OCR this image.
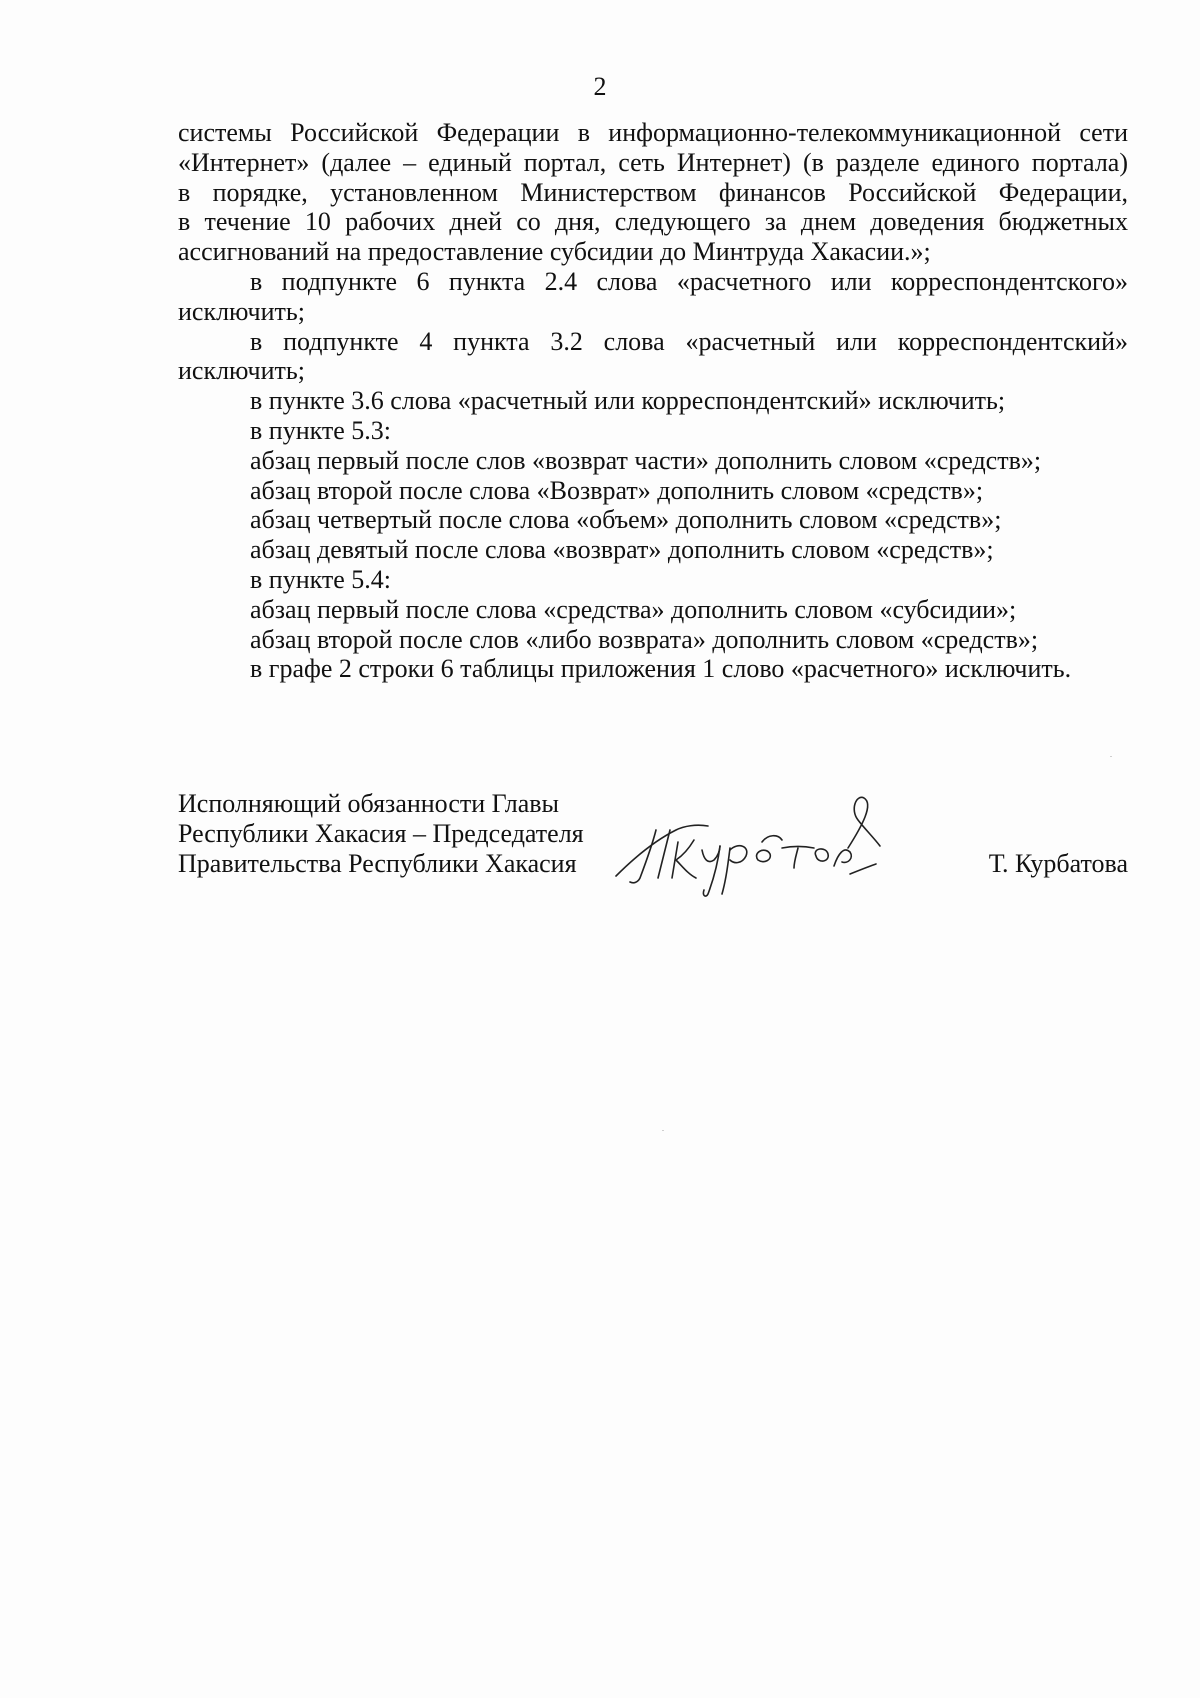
2
системы Российской Федерации в информационно-телекоммуникационной сети
«Интернет» (далее – единый портал, сеть Интернет) (в разделе единого портала)
в порядке, установленном Министерством финансов Российской Федерации,
в течение 10 рабочих дней со дня, следующего за днем доведения бюджетных
ассигнований на предоставление субсидии до Минтруда Хакасии.»;
в подпункте 6 пункта 2.4 слова «расчетного или корреспондентского»
исключить;
в подпункте 4 пункта 3.2 слова «расчетный или корреспондентский»
исключить;
в пункте 3.6 слова «расчетный или корреспондентский» исключить;
в пункте 5.3:
абзац первый после слов «возврат части» дополнить словом «средств»;
абзац второй после слова «Возврат» дополнить словом «средств»;
абзац четвертый после слова «объем» дополнить словом «средств»;
абзац девятый после слова «возврат» дополнить словом «средств»;
в пункте 5.4:
абзац первый после слова «средства» дополнить словом «субсидии»;
абзац второй после слов «либо возврата» дополнить словом «средств»;
в графе 2 строки 6 таблицы приложения 1 слово «расчетного» исключить.
Исполняющий обязанности Главы
Республики Хакасия – Председателя
Правительства Республики Хакасия	Т. Курбатова
